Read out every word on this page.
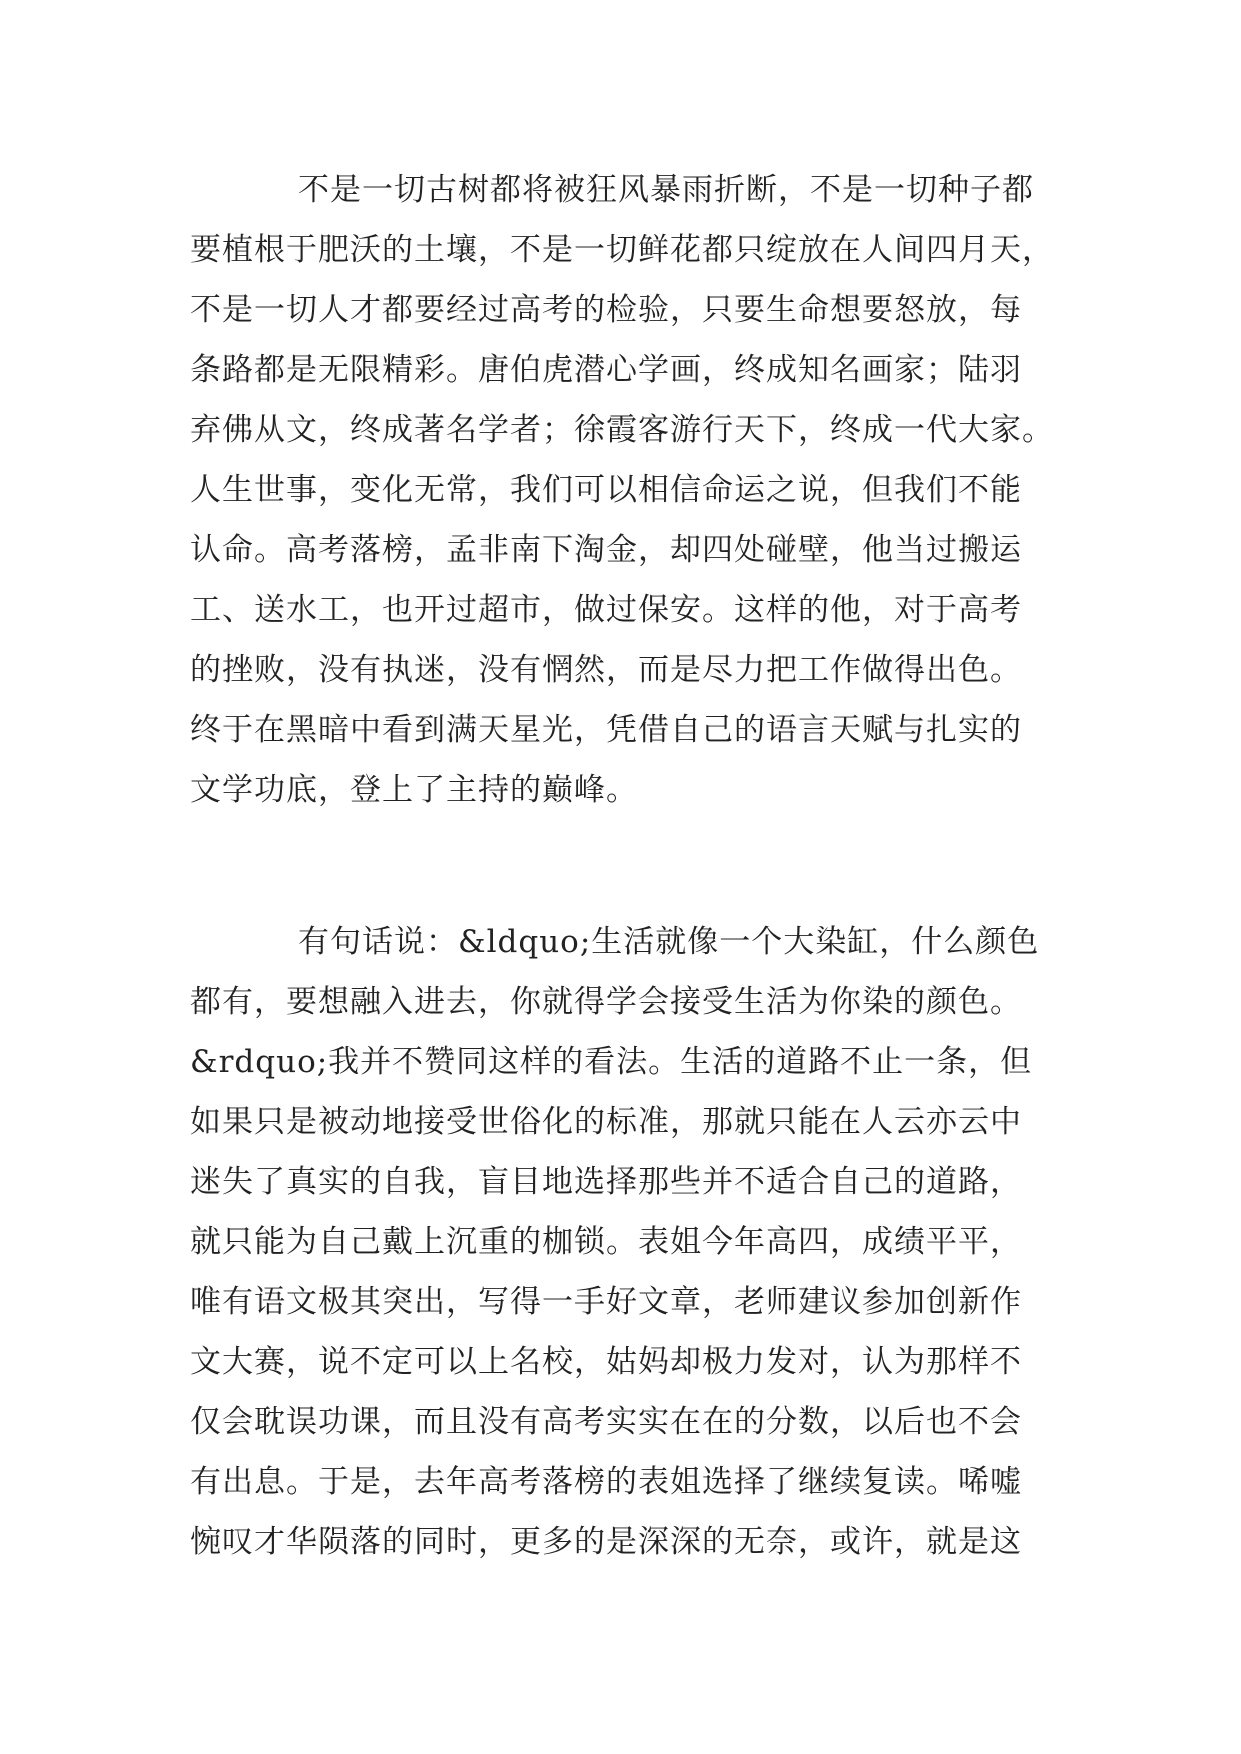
不是一切古树都将被狂风暴雨折断，不是一切种子都
要植根于肥沃的土壤，不是一切鲜花都只绽放在人间四月天，
不是一切人才都要经过高考的检验，只要生命想要怒放，每
条路都是无限精彩。唐伯虎潜心学画，终成知名画家；陆羽
弃佛从文，终成著名学者；徐霞客游行天下，终成一代大家。
人生世事，变化无常，我们可以相信命运之说，但我们不能
认命。高考落榜，孟非南下淘金，却四处碰壁，他当过搬运
工、送水工，也开过超市，做过保安。这样的他，对于高考
的挫败，没有执迷，没有惘然，而是尽力把工作做得出色。
终于在黑暗中看到满天星光，凭借自己的语言天赋与扎实的
文学功底，登上了主持的巅峰。
有句话说：&ldquo;生活就像一个大染缸，什么颜色
都有，要想融入进去，你就得学会接受生活为你染的颜色。
&rdquo;我并不赞同这样的看法。生活的道路不止一条，但
如果只是被动地接受世俗化的标准，那就只能在人云亦云中
迷失了真实的自我，盲目地选择那些并不适合自己的道路，
就只能为自己戴上沉重的枷锁。表姐今年高四，成绩平平，
唯有语文极其突出，写得一手好文章，老师建议参加创新作
文大赛，说不定可以上名校，姑妈却极力发对，认为那样不
仅会耽误功课，而且没有高考实实在在的分数，以后也不会
有出息。于是，去年高考落榜的表姐选择了继续复读。唏嘘
惋叹才华陨落的同时，更多的是深深的无奈，或许，就是这
